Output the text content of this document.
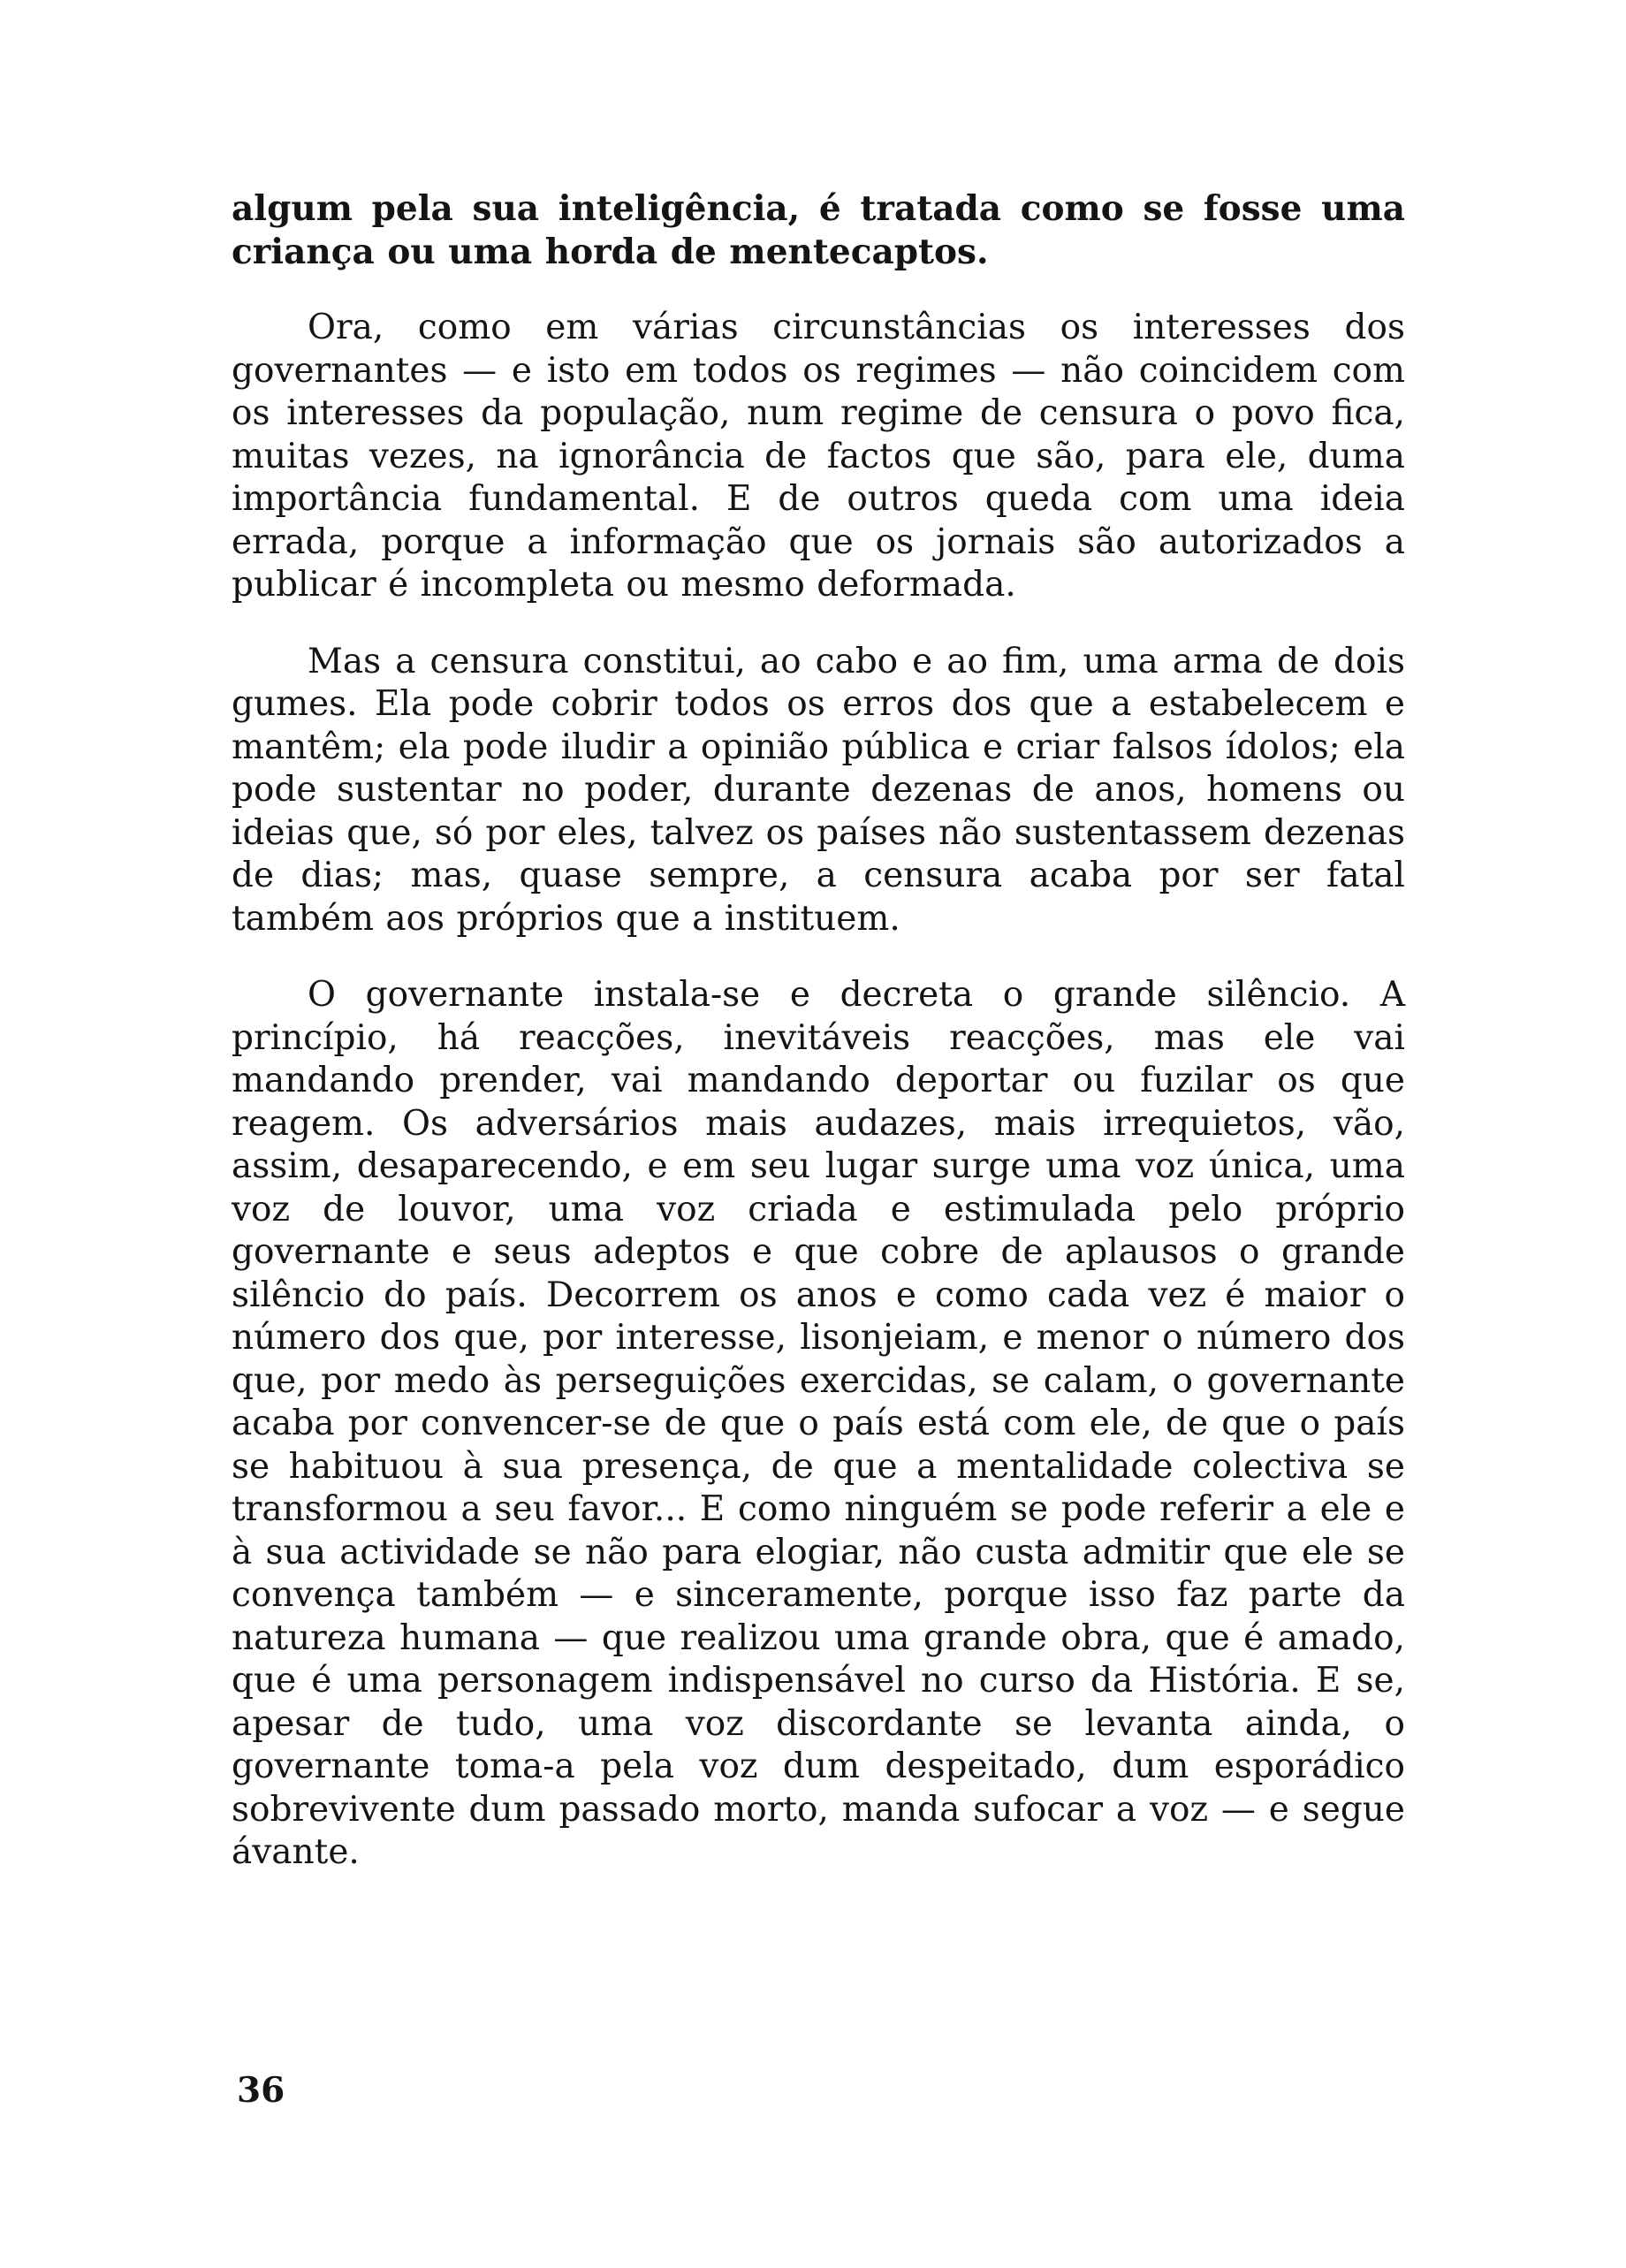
algum pela sua inteligência, é tratada como se fosse uma criança ou uma horda de mentecaptos.

Ora, como em várias circunstâncias os interesses dos governantes — e isto em todos os regimes — não coincidem com os interesses da população, num regime de censura o povo fica, muitas vezes, na ignorância de factos que são, para ele, duma importância fundamental. E de outros queda com uma ideia errada, porque a informação que os jornais são autorizados a publicar é incompleta ou mesmo deformada.

Mas a censura constitui, ao cabo e ao fim, uma arma de dois gumes. Ela pode cobrir todos os erros dos que a estabelecem e mantêm; ela pode iludir a opinião pública e criar falsos ídolos; ela pode sustentar no poder, durante dezenas de anos, homens ou ideias que, só por eles, talvez os países não sustentassem dezenas de dias; mas, quase sempre, a censura acaba por ser fatal também aos próprios que a instituem.

O governante instala-se e decreta o grande silêncio. A princípio, há reacções, inevitáveis reacções, mas ele vai mandando prender, vai mandando deportar ou fuzilar os que reagem. Os adversários mais audazes, mais irrequietos, vão, assim, desaparecendo, e em seu lugar surge uma voz única, uma voz de louvor, uma voz criada e estimulada pelo próprio governante e seus adeptos e que cobre de aplausos o grande silêncio do país. Decorrem os anos e como cada vez é maior o número dos que, por interesse, lisonjeiam, e menor o número dos que, por medo às perseguições exercidas, se calam, o governante acaba por convencer-se de que o país está com ele, de que o país se habituou à sua presença, de que a mentalidade colectiva se transformou a seu favor... E como ninguém se pode referir a ele e à sua actividade se não para elogiar, não custa admitir que ele se convença também — e sinceramente, porque isso faz parte da natureza humana — que realizou uma grande obra, que é amado, que é uma personagem indispensável no curso da História. E se, apesar de tudo, uma voz discordante se levanta ainda, o governante toma-a pela voz dum despeitado, dum esporádico sobrevivente dum passado morto, manda sufocar a voz — e segue ávante.

36
